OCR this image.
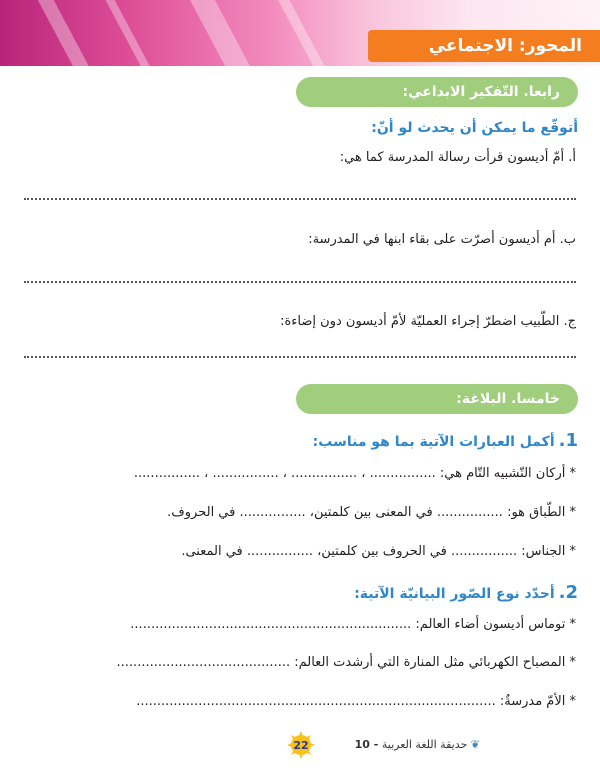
المحور: الاجتماعي
رابعا. التّفكير الابداعي:
أتوقّع ما يمكن أن يحدث لو أنّ:
أ. أمّ أديسون قرأت رسالة المدرسة كما هي:
ب. أم أديسون أصرّت على بقاء ابنها في المدرسة:
ج. الطّبيب اضطرّ إجراء العمليّة لأمّ أديسون دون إضاءة:
خامسا. البلاغة:
1.أكمل العبارات الآتية بما هو مناسب:
* أركان التّشبيه التّام هي: ................ ، ................ ، ................ ، ................
* الطّباق هو: ................ في المعنى بين كلمتين، ................ في الحروف.
* الجناس: ................ في الحروف بين كلمتين، ................ في المعنى.
2.أحدّد نوع الصّور البيانيّة الآتية:
* توماس أديسون أضاء العالم: ....................................................................
* المصباح الكهربائي مثل المنارة التي أرشدت العالم: ..........................................
* الأمّ مدرسةٌ: .......................................................................................
22	❦ حديقة اللغة العربية - 10
